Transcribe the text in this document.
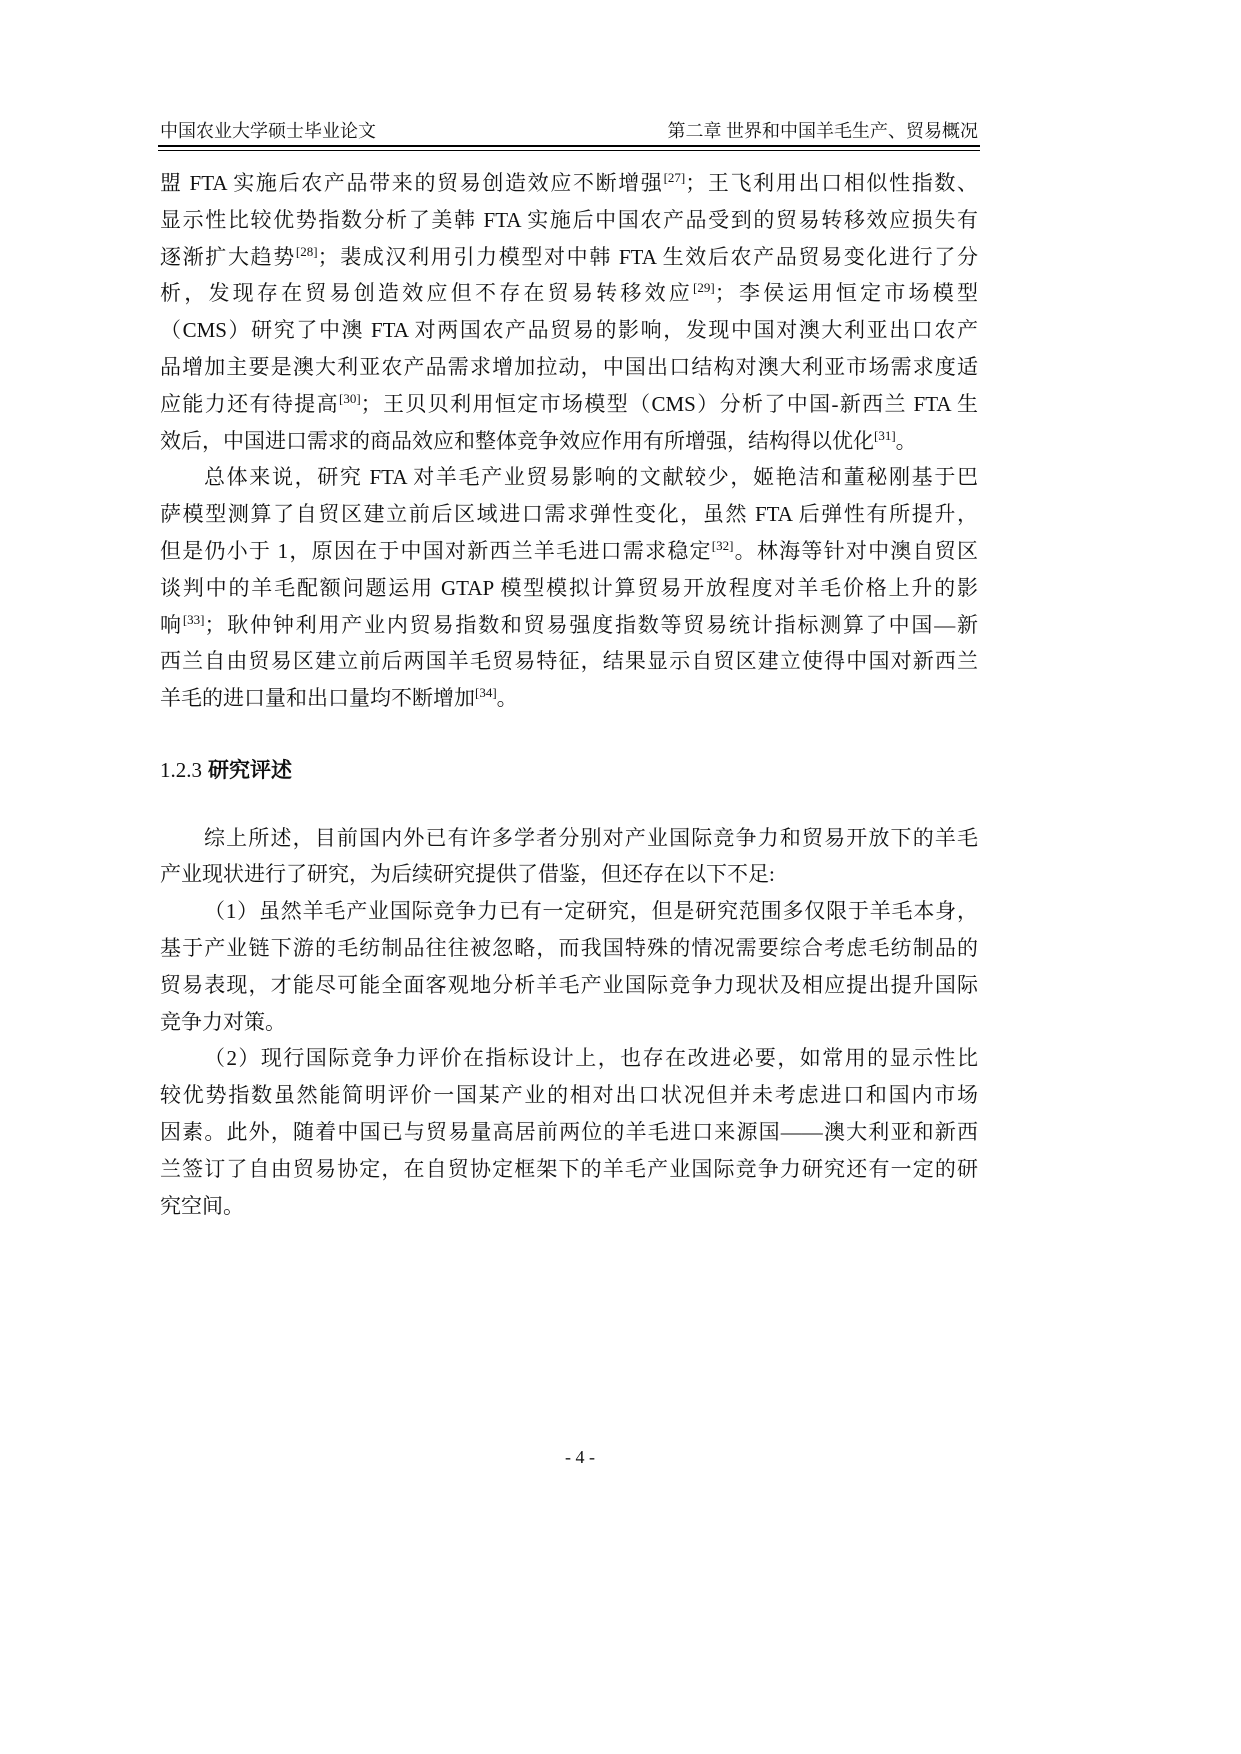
中国农业大学硕士毕业论文	第二章 世界和中国羊毛生产、贸易概况
盟 FTA 实施后农产品带来的贸易创造效应不断增强[27]；王飞利用出口相似性指数、
显示性比较优势指数分析了美韩 FTA 实施后中国农产品受到的贸易转移效应损失有
逐渐扩大趋势[28]；裴成汉利用引力模型对中韩 FTA 生效后农产品贸易变化进行了分
析，发现存在贸易创造效应但不存在贸易转移效应[29]；李侯运用恒定市场模型
（CMS）研究了中澳 FTA 对两国农产品贸易的影响，发现中国对澳大利亚出口农产
品增加主要是澳大利亚农产品需求增加拉动，中国出口结构对澳大利亚市场需求度适
应能力还有待提高[30]；王贝贝利用恒定市场模型（CMS）分析了中国-新西兰 FTA 生
效后，中国进口需求的商品效应和整体竞争效应作用有所增强，结构得以优化[31]。
总体来说，研究 FTA 对羊毛产业贸易影响的文献较少，姬艳洁和董秘刚基于巴
萨模型测算了自贸区建立前后区域进口需求弹性变化，虽然 FTA 后弹性有所提升，
但是仍小于 1，原因在于中国对新西兰羊毛进口需求稳定[32]。林海等针对中澳自贸区
谈判中的羊毛配额问题运用 GTAP 模型模拟计算贸易开放程度对羊毛价格上升的影
响[33]；耿仲钟利用产业内贸易指数和贸易强度指数等贸易统计指标测算了中国—新
西兰自由贸易区建立前后两国羊毛贸易特征，结果显示自贸区建立使得中国对新西兰
羊毛的进口量和出口量均不断增加[34]。
1.2.3 研究评述
综上所述，目前国内外已有许多学者分别对产业国际竞争力和贸易开放下的羊毛
产业现状进行了研究，为后续研究提供了借鉴，但还存在以下不足:
（1）虽然羊毛产业国际竞争力已有一定研究，但是研究范围多仅限于羊毛本身，
基于产业链下游的毛纺制品往往被忽略，而我国特殊的情况需要综合考虑毛纺制品的
贸易表现，才能尽可能全面客观地分析羊毛产业国际竞争力现状及相应提出提升国际
竞争力对策。
（2）现行国际竞争力评价在指标设计上，也存在改进必要，如常用的显示性比
较优势指数虽然能简明评价一国某产业的相对出口状况但并未考虑进口和国内市场
因素。此外，随着中国已与贸易量高居前两位的羊毛进口来源国——澳大利亚和新西
兰签订了自由贸易协定，在自贸协定框架下的羊毛产业国际竞争力研究还有一定的研
究空间。
- 4 -
